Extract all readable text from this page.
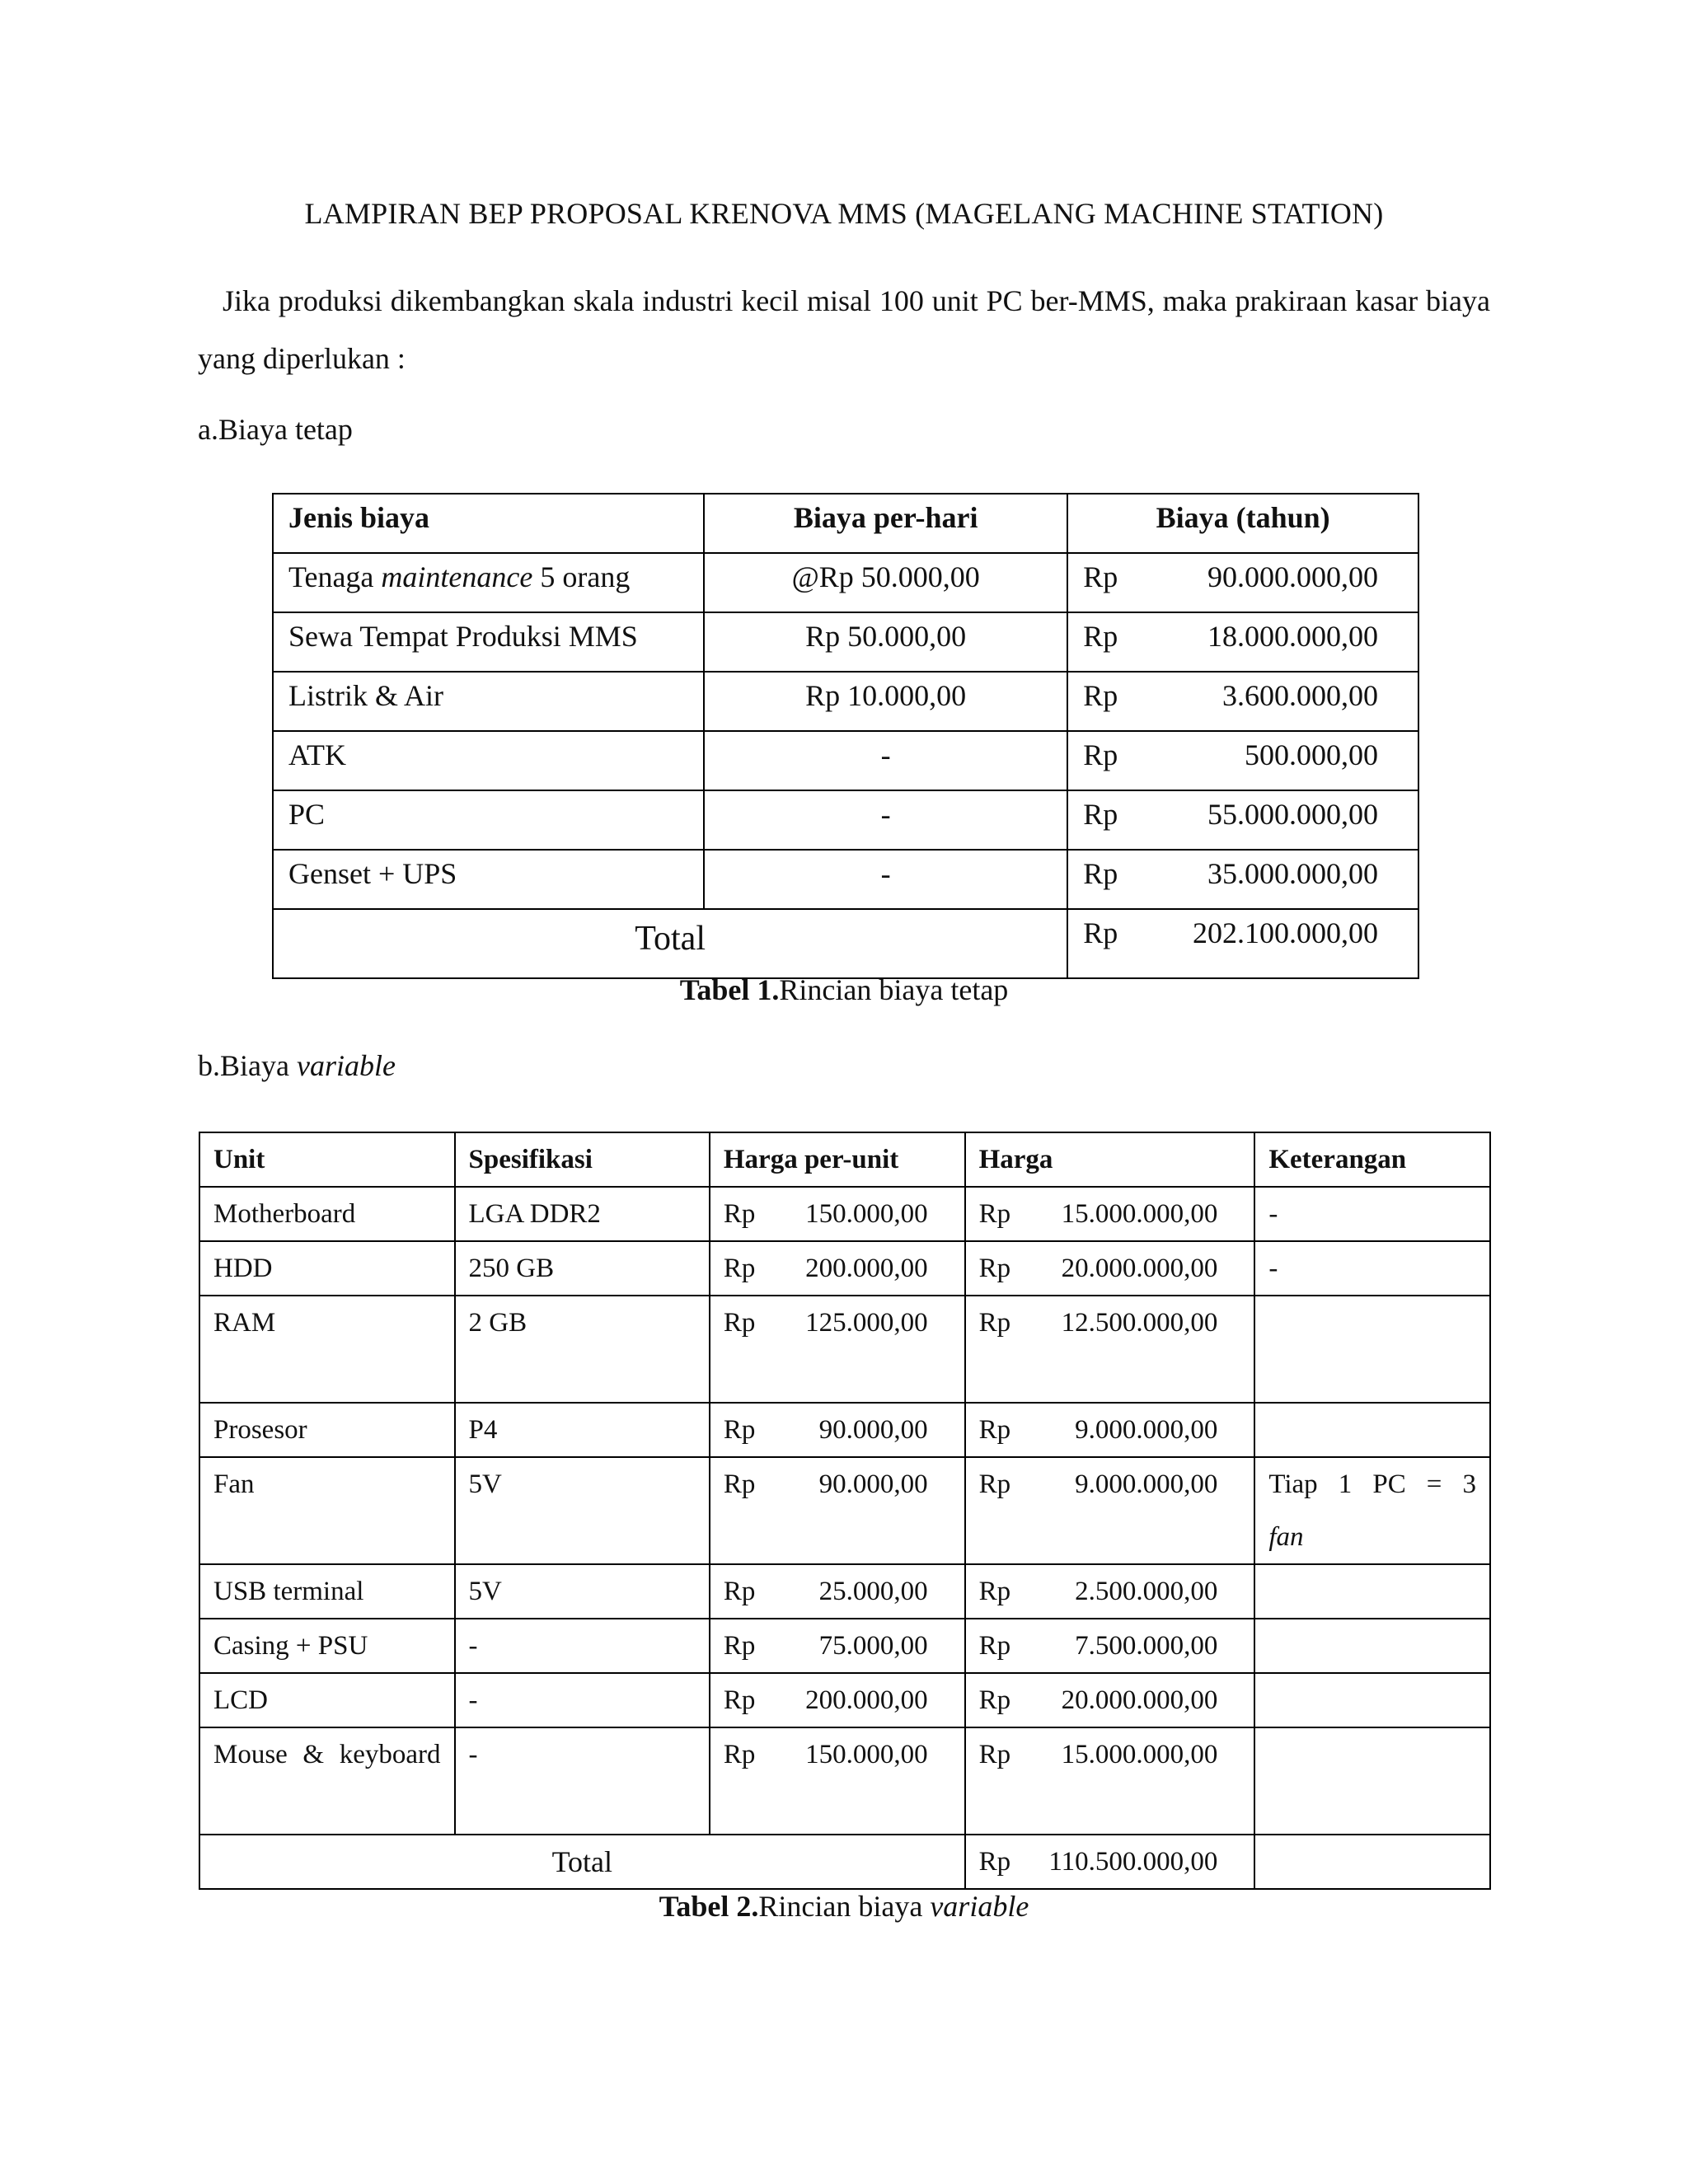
LAMPIRAN BEP PROPOSAL KRENOVA MMS (MAGELANG MACHINE STATION)
Jika produksi dikembangkan skala industri kecil misal 100 unit PC ber-MMS, maka prakiraan kasar biaya yang diperlukan :
a.Biaya tetap
Jenis biaya	Biaya per-hari	Biaya (tahun)
Tenaga maintenance 5 orang	@Rp 50.000,00	Rp 90.000.000,00

Sewa Tempat Produksi MMS	Rp 50.000,00	Rp 18.000.000,00

Listrik & Air	Rp 10.000,00	Rp 3.600.000,00

ATK	-	Rp 500.000,00

PC	-	Rp 55.000.000,00

Genset + UPS	-	Rp 35.000.000,00

Total		Rp 202.100.000,00
Tabel 1.Rincian biaya tetap
b.Biaya variable
Unit	Spesifikasi	Harga per-unit	Harga	Keterangan
Motherboard	LGA DDR2	Rp 150.000,00	Rp 15.000.000,00	-

HDD	250 GB	Rp 200.000,00	Rp 20.000.000,00	-

RAM	2 GB	Rp 125.000,00	Rp 12.500.000,00	

Prosesor	P4	Rp 90.000,00	Rp 9.000.000,00	

Fan	5V	Rp 90.000,00	Rp 9.000.000,00	Tiap 1 PC = 3
fan
USB terminal	5V	Rp 25.000,00	Rp 2.500.000,00	

Casing + PSU	-	Rp 75.000,00	Rp 7.500.000,00	

LCD	-	Rp 200.000,00	Rp 20.000.000,00	

Mouse & keyboard	-	Rp 150.000,00	Rp 15.000.000,00	

Total			Rp 110.500.000,00	

Tabel 2.Rincian biaya variable
